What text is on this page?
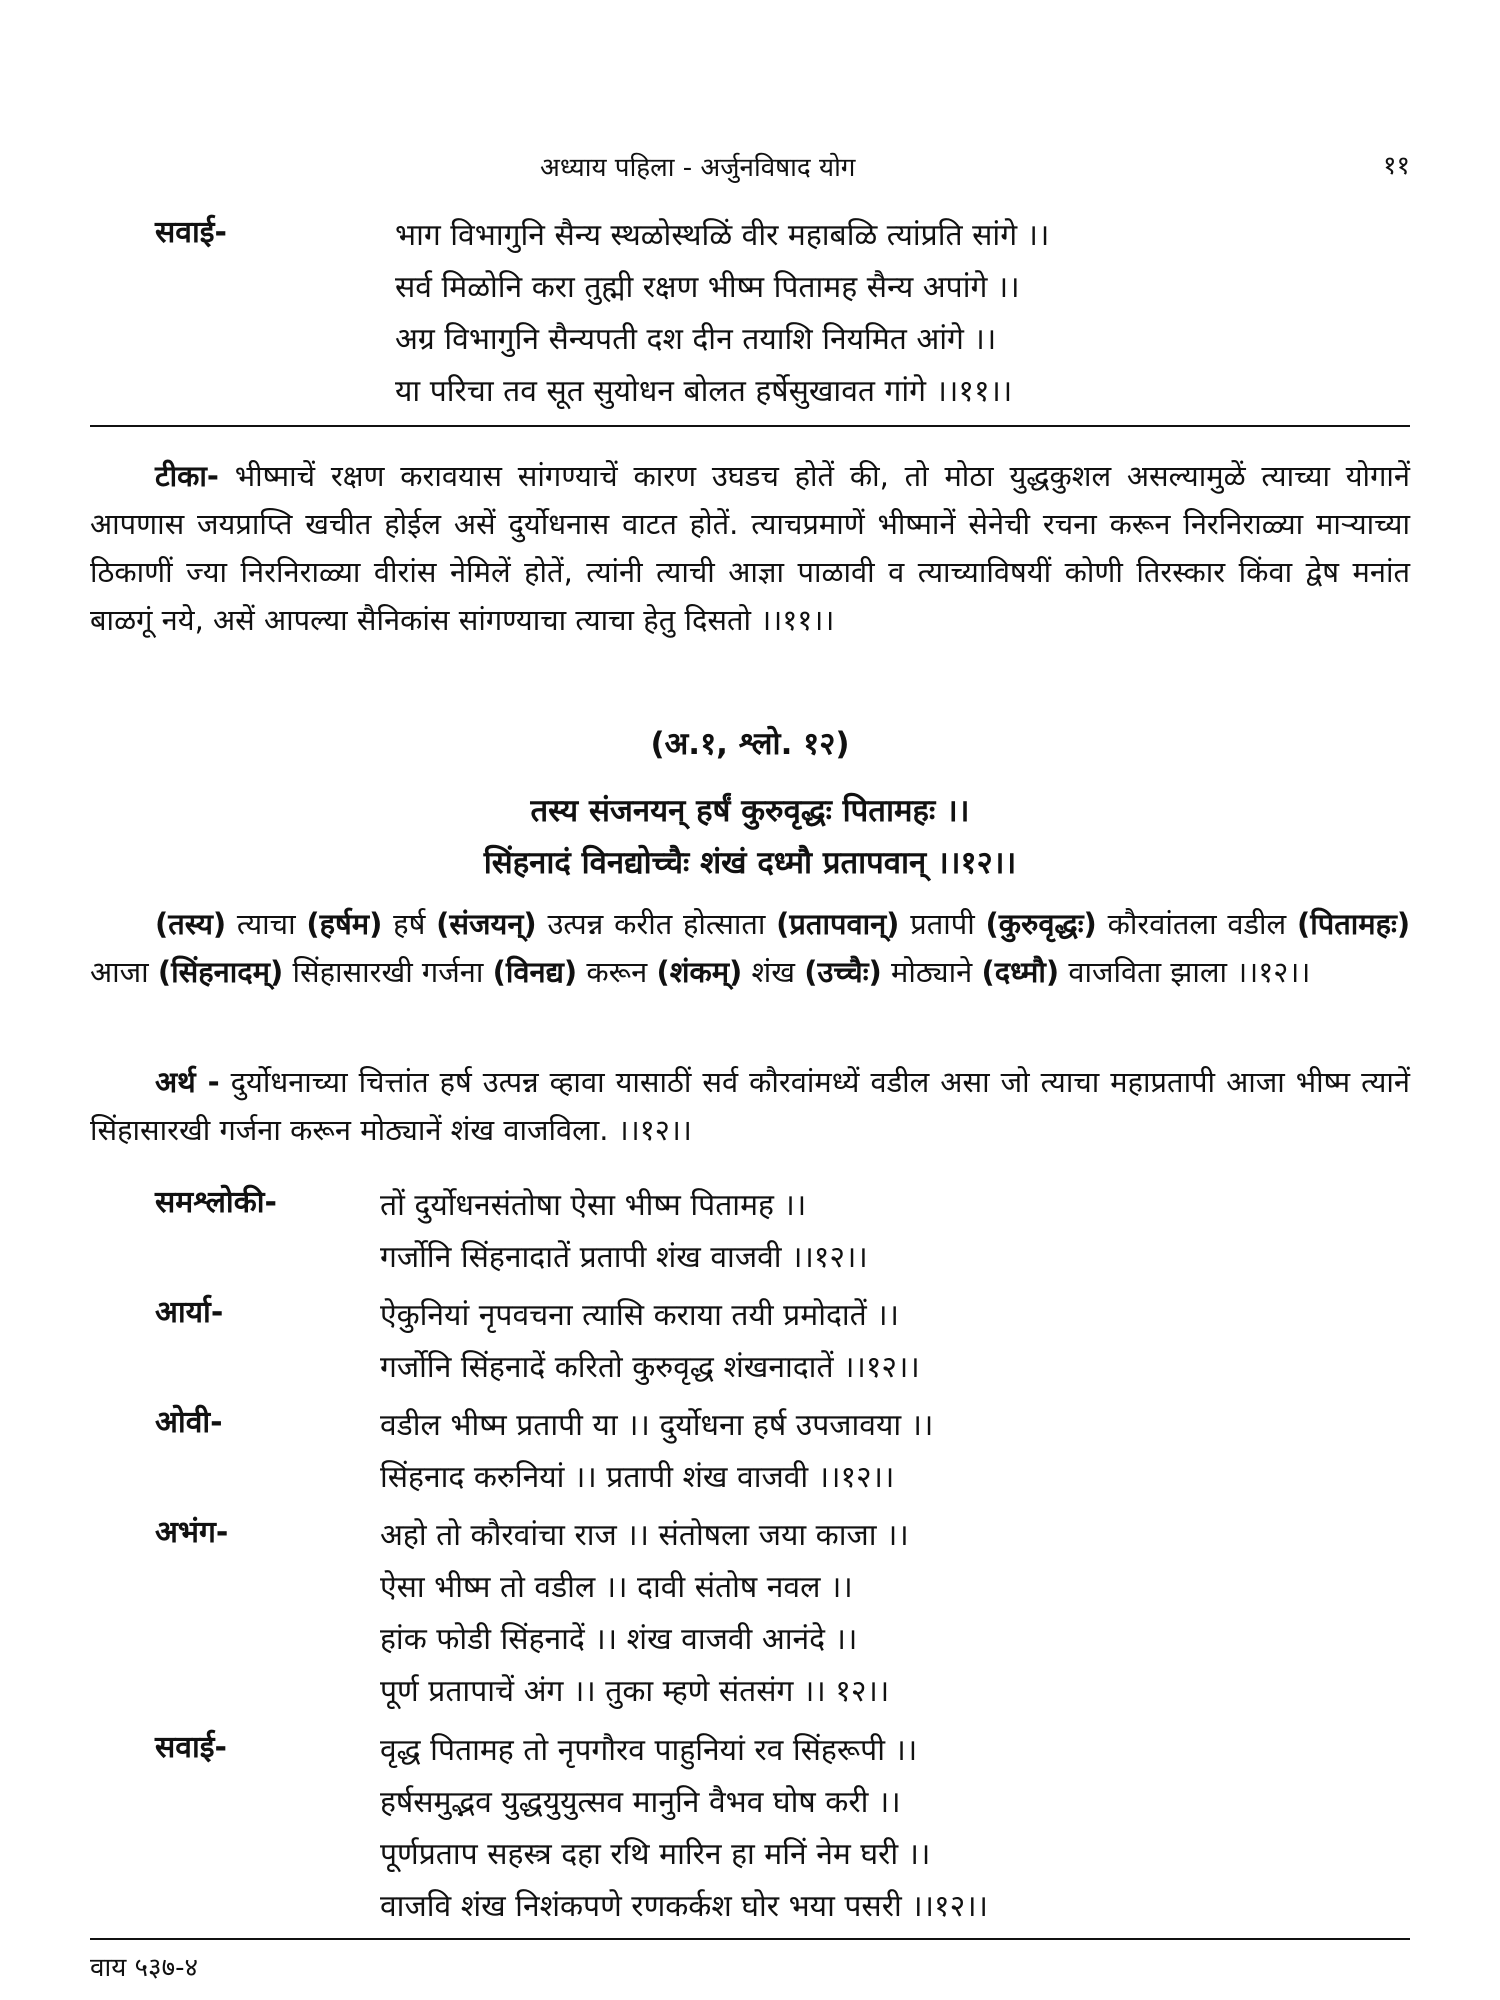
अध्याय पहिला - अर्जुनविषाद योग	११
सवाई-	भाग विभागुनि सैन्य स्थळोस्थळिं वीर महाबळि त्यांप्रति सांगे ।।
सर्व मिळोनि करा तुह्मी रक्षण भीष्म पितामह सैन्य अपांगे ।।
अग्र विभागुनि सैन्यपती दश दीन तयाशि नियमित आंगे ।।
या परिचा तव सूत सुयोधन बोलत हर्षेसुखावत गांगे ।।११।।
टीका- भीष्माचें रक्षण करावयास सांगण्याचें कारण उघडच होतें की, तो मोठा युद्धकुशल असल्यामुळें त्याच्या योगानें आपणास जयप्राप्ति खचीत होईल असें दुर्योधनास वाटत होतें. त्याचप्रमाणें भीष्मानें सेनेची रचना करून निरनिराळ्या माऱ्याच्या ठिकाणीं ज्या निरनिराळ्या वीरांस नेमिलें होतें, त्यांनी त्याची आज्ञा पाळावी व त्याच्याविषयीं कोणी तिरस्कार किंवा द्वेष मनांत बाळगूं नये, असें आपल्या सैनिकांस सांगण्याचा त्याचा हेतु दिसतो ।।११।।
(अ.१, श्लो. १२)
तस्य संजनयन् हर्षं कुरुवृद्धः पितामहः ।।
सिंहनादं विनद्योच्चैः शंखं दध्मौ प्रतापवान् ।।१२।।
(तस्य) त्याचा (हर्षम) हर्ष (संजयन्) उत्पन्न करीत होत्साता (प्रतापवान्) प्रतापी (कुरुवृद्धः) कौरवांतला वडील (पितामहः) आजा (सिंहनादम्) सिंहासारखी गर्जना (विनद्य) करून (शंकम्) शंख (उच्चैः) मोठ्याने (दध्मौ) वाजविता झाला ।।१२।।
अर्थ - दुर्योधनाच्या चित्तांत हर्ष उत्पन्न व्हावा यासाठीं सर्व कौरवांमध्यें वडील असा जो त्याचा महाप्रतापी आजा भीष्म त्यानें सिंहासारखी गर्जना करून मोठ्यानें शंख वाजविला. ।।१२।।
समश्लोकी-	तों दुर्योधनसंतोषा ऐसा भीष्म पितामह ।।
गर्जोनि सिंहनादातें प्रतापी शंख वाजवी ।।१२।।
आर्या-	ऐकुनियां नृपवचना त्यासि कराया तयी प्रमोदातें ।।
गर्जोनि सिंहनादें करितो कुरुवृद्ध शंखनादातें ।।१२।।
ओवी-	वडील भीष्म प्रतापी या ।। दुर्योधना हर्ष उपजावया ।।
सिंहनाद करुनियां ।। प्रतापी शंख वाजवी ।।१२।।
अभंग-	अहो तो कौरवांचा राज ।। संतोषला जया काजा ।।
ऐसा भीष्म तो वडील ।। दावी संतोष नवल ।।
हांक फोडी सिंहनादें ।। शंख वाजवी आनंदे ।।
पूर्ण प्रतापाचें अंग ।। तुका म्हणे संतसंग ।। १२।।
सवाई-	वृद्ध पितामह तो नृपगौरव पाहुनियां रव सिंहरूपी ।।
हर्षसमुद्भव युद्धयुयुत्सव मानुनि वैभव घोष करी ।।
पूर्णप्रताप सहस्त्र दहा रथि मारिन हा मनिं नेम घरी ।।
वाजवि शंख निशंकपणे रणकर्कश घोर भया पसरी ।।१२।।
वाय ५३७-४
